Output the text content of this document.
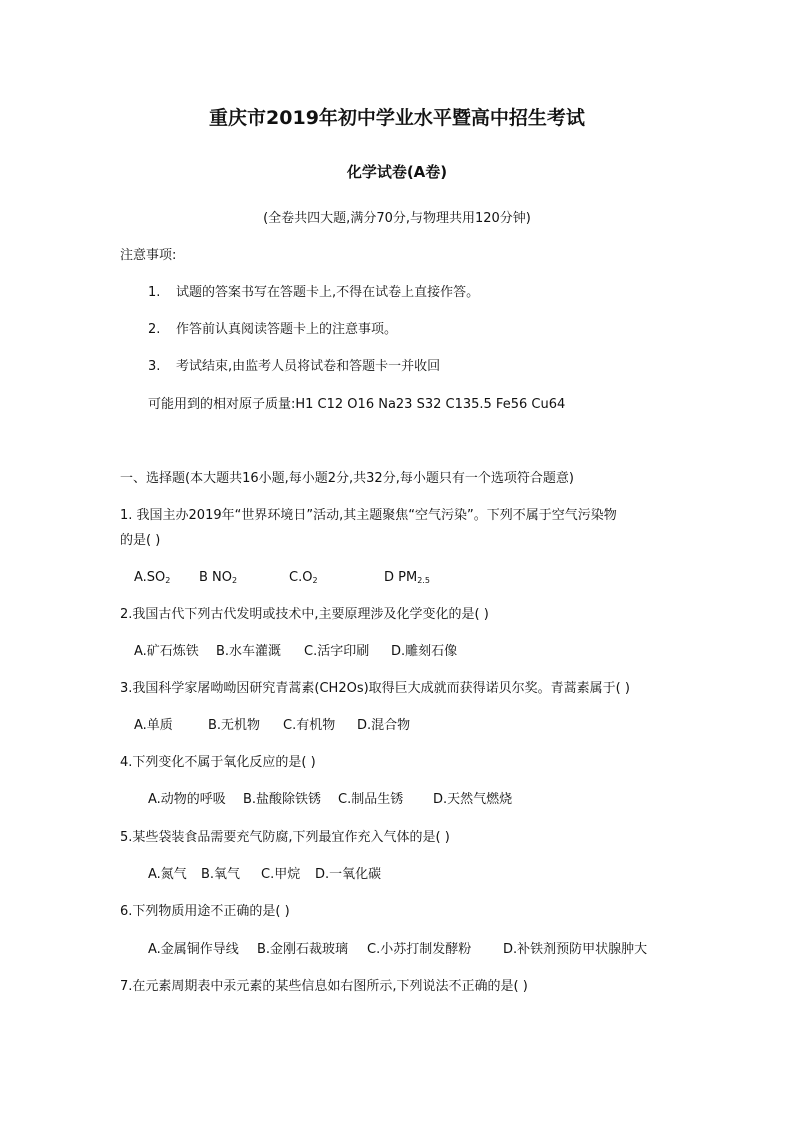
重庆市2019年初中学业水平暨高中招生考试
化学试卷(A卷)
(全卷共四大题,满分70分,与物理共用120分钟)
注意事项:
1. 试题的答案书写在答题卡上,不得在试卷上直接作答。
2. 作答前认真阅读答题卡上的注意事项。
3. 考试结束,由监考人员将试卷和答题卡一并收回
可能用到的相对原子质量:H1 C12 O16 Na23 S32 C135.5 Fe56 Cu64
一、选择题(本大题共16小题,每小题2分,共32分,每小题只有一个选项符合题意)
1. 我国主办2019年“世界环境日”活动,其主题聚焦“空气污染”。下列不属于空气污染物
的是( )
$A.SO_2$ B $NO_2$	$C.O_2$	D $PM_{2.5}$
2.我国古代下列古代发明或技术中,主要原理涉及化学变化的是( )
A.矿石炼铁 B.水车灌溉 C.活字印刷 D.雕刻石像
3.我国科学家屠呦呦因研究青蒿素(CH2Os)取得巨大成就而获得诺贝尔奖。青蒿素属于( )
A.单质	B.无机物 C.有机物 D.混合物
4.下列变化不属于氧化反应的是( )
A.动物的呼吸 B.盐酸除铁锈 C.制品生锈 D.天然气燃烧
5.某些袋装食品需要充气防腐,下列最宜作充入气体的是( )
A.氮气 B.氧气 C.甲烷 D.一氧化碳
6.下列物质用途不正确的是( )
A.金属铜作导线 B.金刚石裁玻璃 C.小苏打制发酵粉 D.补铁剂预防甲状腺肿大
7.在元素周期表中汞元素的某些信息如右图所示,下列说法不正确的是( )
